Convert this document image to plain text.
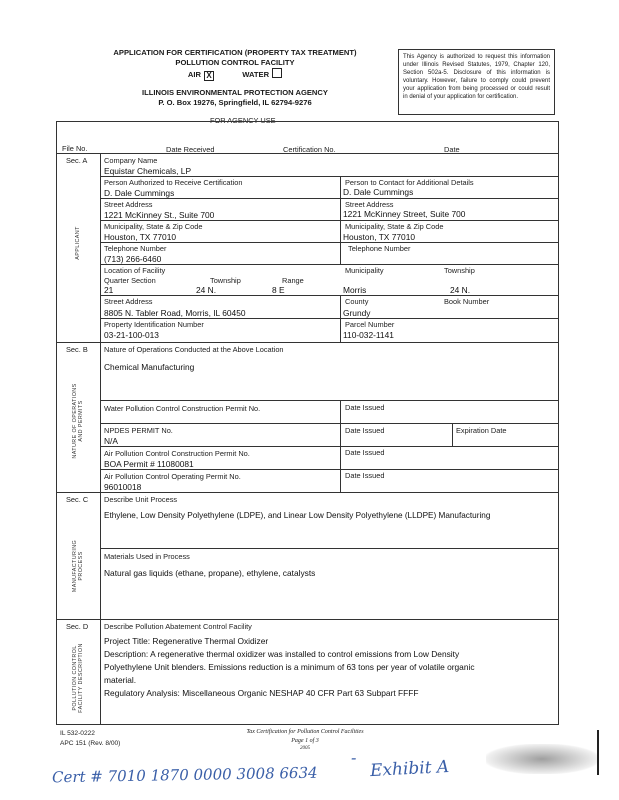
APPLICATION FOR CERTIFICATION (PROPERTY TAX TREATMENT)
POLLUTION CONTROL FACILITY
AIR X	WATER
ILLINOIS ENVIRONMENTAL PROTECTION AGENCY
P. O. Box 19276, Springfield, IL 62794-9276
This Agency is authorized to request this information under Illinois Revised Statutes, 1979, Chapter 120, Section 502a-5. Disclosure of this information is voluntary. However, failure to comply could prevent your application from being processed or could result in denial of your application for certification.
FOR AGENCY USE
File No.	Date Received	Certification No.	Date
Sec. A
APPLICANT
Company Name
Equistar Chemicals, LP
Person Authorized to Receive Certification	Person to Contact for Additional Details
D. Dale Cummings	D. Dale Cummings
Street Address	Street Address
1221 McKinney St., Suite 700	1221 McKinney Street, Suite 700
Municipality, State & Zip Code	Municipality, State & Zip Code
Houston, TX 77010	Houston, TX 77010
Telephone Number	Telephone Number
(713) 266-6460
Location of Facility	Municipality	Township
Quarter Section	Township	Range
21	24 N.	8 E	Morris	24 N.
Street Address	County	Book Number
8805 N. Tabler Road, Morris, IL 60450	Grundy
Property Identification Number	Parcel Number
03-21-100-013	110-032-1141
Sec. B
NATURE OF OPERATIONS AND PERMITS
Nature of Operations Conducted at the Above Location
Chemical Manufacturing
Water Pollution Control Construction Permit No.	Date Issued
NPDES PERMIT No.	Date Issued	Expiration Date
N/A
Air Pollution Control Construction Permit No.	Date Issued
BOA Permit # 11080081
Air Pollution Control Operating Permit No.	Date Issued
96010018
Sec. C
MANUFACTURING PROCESS
Describe Unit Process
Ethylene, Low Density Polyethylene (LDPE), and Linear Low Density Polyethylene (LLDPE) Manufacturing
Materials Used in Process
Natural gas liquids (ethane, propane), ethylene, catalysts
Sec. D
POLLUTION CONTROL FACILITY DESCRIPTION
Describe Pollution Abatement Control Facility
Project Title: Regenerative Thermal Oxidizer
Description: A regenerative thermal oxidizer was installed to control emissions from Low Density
Polyethylene Unit blenders. Emissions reduction is a minimum of 63 tons per year of volatile organic
material.
Regulatory Analysis: Miscellaneous Organic NESHAP 40 CFR Part 63 Subpart FFFF
IL 532-0222
APC 151 (Rev. 8/00)
Tax Certification for Pollution Control Facilities
Page 1 of 3
2005
Cert # 7010 1870 0000 3008 6634
- Exhibit A
